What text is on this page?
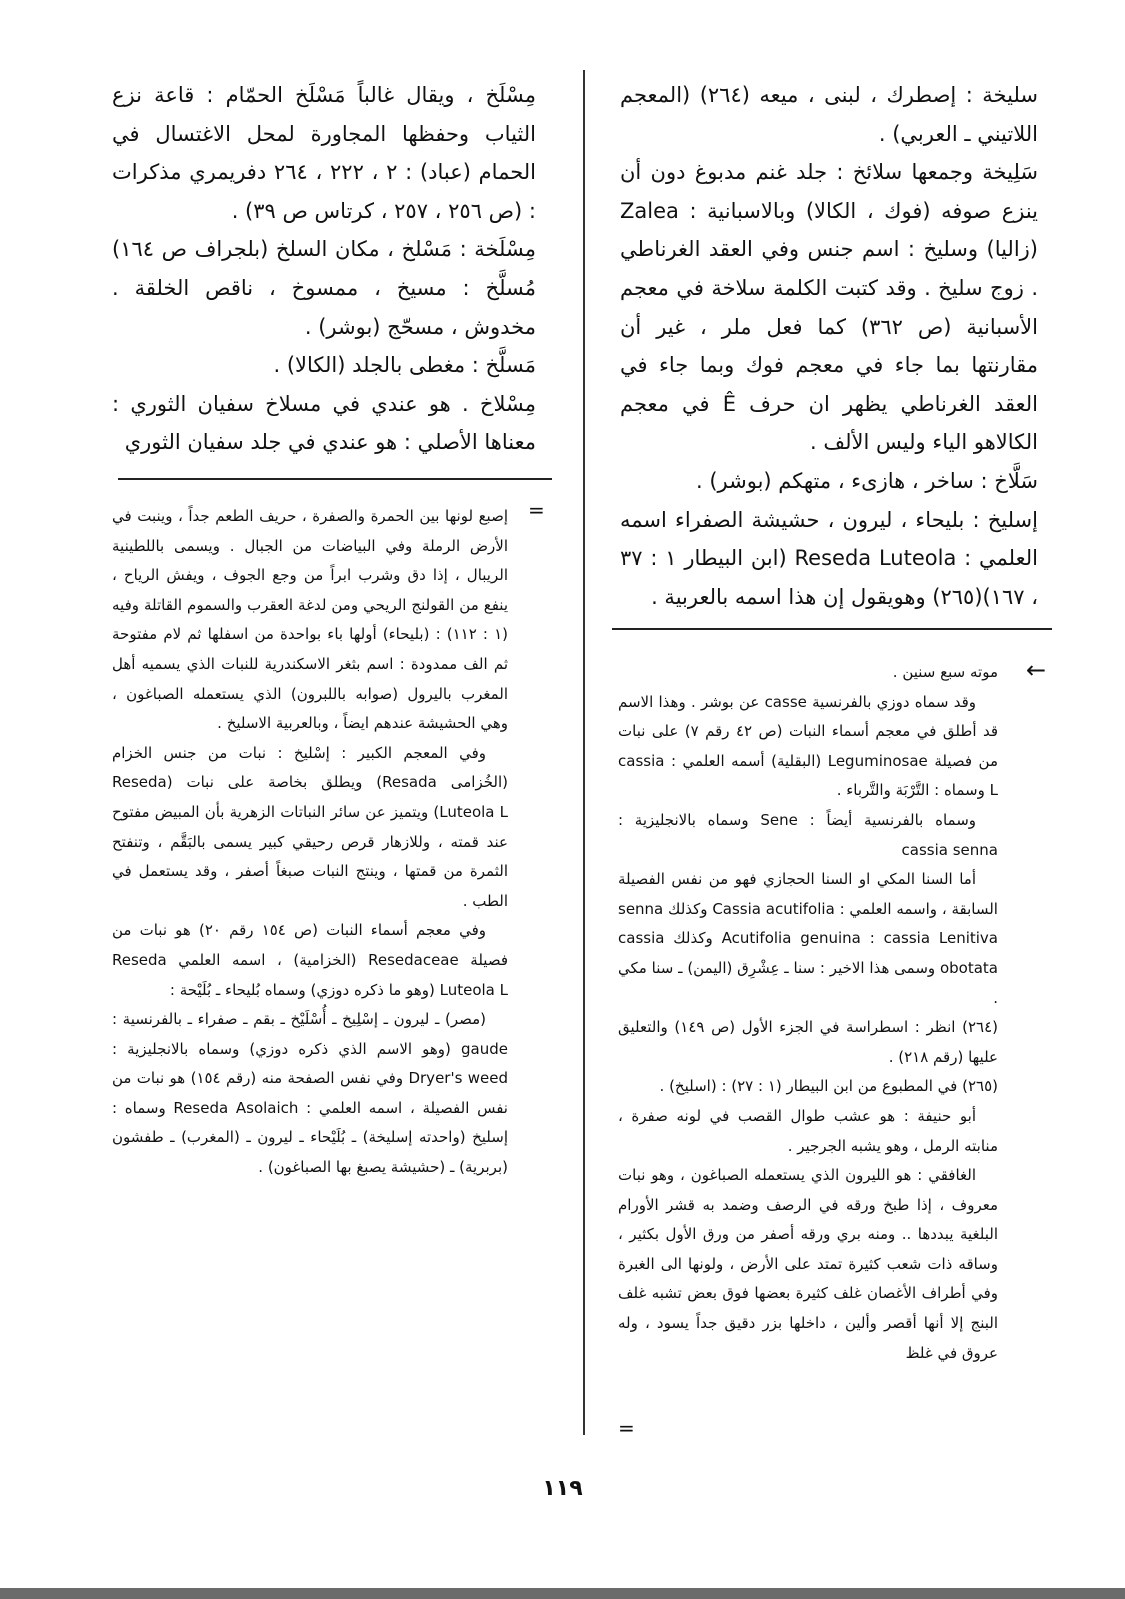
سليخة : إصطرك ، لبنى ، ميعه (٢٦٤) (المعجم اللاتيني ـ العربي) .

سَلِيخة وجمعها سلائخ : جلد غنم مدبوغ دون أن ينزع صوفه (فوك ، الكالا) وبالاسبانية : Zalea (زاليا) وسليخ : اسم جنس وفي العقد الغرناطي . زوج سليخ . وقد كتبت الكلمة سلاخة في معجم الأسبانية (ص ٣٦٢) كما فعل ملر ، غير أن مقارنتها بما جاء في معجم فوك وبما جاء في العقد الغرناطي يظهر ان حرف Ê في معجم الكالاهو الياء وليس الألف .

سَلَّاخ : ساخر ، هازىء ، متهكم (بوشر) .

إسليخ : بليحاء ، ليرون ، حشيشة الصفراء اسمه العلمي : Reseda Luteola (ابن البيطار ١ : ٣٧ ، ١٦٧)(٢٦٥) وهويقول إن هذا اسمه بالعربية .

مِسْلَخ ، ويقال غالباً مَسْلَخ الحمّام : قاعة نزع الثياب وحفظها المجاورة لمحل الاغتسال في الحمام (عباد) : ٢ ، ٢٢٢ ، ٢٦٤ دفريمري مذكرات : (ص ٢٥٦ ، ٢٥٧ ، كرتاس ص ٣٩) .

مِسْلَخة : مَسْلخ ، مكان السلخ (بلجراف ص ١٦٤) مُسلَّخ : مسيخ ، ممسوخ ، ناقص الخلقة . مخدوش ، مسحّج (بوشر) .

مَسلَّخ : مغطى بالجلد (الكالا) .

مِسْلاخ . هو عندي في مسلاخ سفيان الثوري : معناها الأصلي : هو عندي في جلد سفيان الثوري

=
←
=

موته سبع سنين .

وقد سماه دوزي بالفرنسية casse عن بوشر . وهذا الاسم قد أطلق في معجم أسماء النبات (ص ٤٢ رقم ٧) على نبات من فصيلة Leguminosae (البقلية) أسمه العلمي : cassia L وسماه : التَّرْبَة والتَّرباء .

وسماه بالفرنسية أيضاً : Sene وسماه بالانجليزية : cassia senna

أما السنا المكي او السنا الحجازي فهو من نفس الفصيلة السابقة ، واسمه العلمي : Cassia acutifolia وكذلك senna Acutifolia genuina : cassia Lenitiva وكذلك cassia obotata وسمى هذا الاخير : سنا ـ عِشْرِق (اليمن) ـ سنا مكي .

(٢٦٤) انظر : اسطراسة في الجزء الأول (ص ١٤٩) والتعليق عليها (رقم ٢١٨) .

(٢٦٥) في المطبوع من ابن البيطار (١ : ٢٧) : (اسليخ) .

أبو حنيفة : هو عشب طوال القصب في لونه صفرة ، منابته الرمل ، وهو يشبه الجرجير .

الغافقي : هو الليرون الذي يستعمله الصباغون ، وهو نبات معروف ، إذا طبخ ورقه في الرصف وضمد به قشر الأورام البلغية يبددها .. ومنه بري ورقه أصفر من ورق الأول بكثير ، وساقه ذات شعب كثيرة تمتد على الأرض ، ولونها الى الغبرة وفي أطراف الأغصان غلف كثيرة بعضها فوق بعض تشبه غلف البنج إلا أنها أقصر وألين ، داخلها بزر دقيق جداً يسود ، وله عروق في غلظ

إصبع لونها بين الحمرة والصفرة ، حريف الطعم جداً ، وينبت في الأرض الرملة وفي البياضات من الجبال . ويسمى باللطينية الريبال ، إذا دق وشرب ابراً من وجع الجوف ، ويفش الرياح ، ينفع من القولنج الريحي ومن لدغة العقرب والسموم القاتلة وفيه (١ : ١١٢) : (بليحاء) أولها باء بواحدة من اسفلها ثم لام مفتوحة ثم الف ممدودة : اسم بثغر الاسكندرية للنبات الذي يسميه أهل المغرب باليرول (صوابه باللبرون) الذي يستعمله الصباغون ، وهي الحشيشة عندهم ايضاً ، وبالعربية الاسليخ .

وفي المعجم الكبير : إسْليخ : نبات من جنس الخزام (الخُزامى Resada) ويطلق بخاصة على نبات (Reseda Luteola L) ويتميز عن سائر النباتات الزهرية بأن المبيض مفتوح عند قمته ، وللازهار قرص رحيقي كبير يسمى بالبَقَّم ، وتنفتح الثمرة من قمتها ، وينتج النبات صبغاً أصفر ، وقد يستعمل في الطب .

وفي معجم أسماء النبات (ص ١٥٤ رقم ٢٠) هو نبات من فصيلة Resedaceae (الخزامية) ، اسمه العلمي Reseda Luteola L (وهو ما ذكره دوزي) وسماه بُليحاء ـ بُلَيْحة :

(مصر) ـ ليرون ـ إسْلِيخ ـ أُسْلَيْخ ـ بقم ـ صفراء ـ بالفرنسية : gaude (وهو الاسم الذي ذكره دوزي) وسماه بالانجليزية : Dryer's weed وفي نفس الصفحة منه (رقم ١٥٤) هو نبات من نفس الفصيلة ، اسمه العلمي : Reseda Asolaich وسماه : إسليخ (واحدته إسليخة) ـ بُلَيْحاء ـ ليرون ـ (المغرب) ـ طفشون (بربرية) ـ (حشيشة يصبغ بها الصباغون) .

١١٩
